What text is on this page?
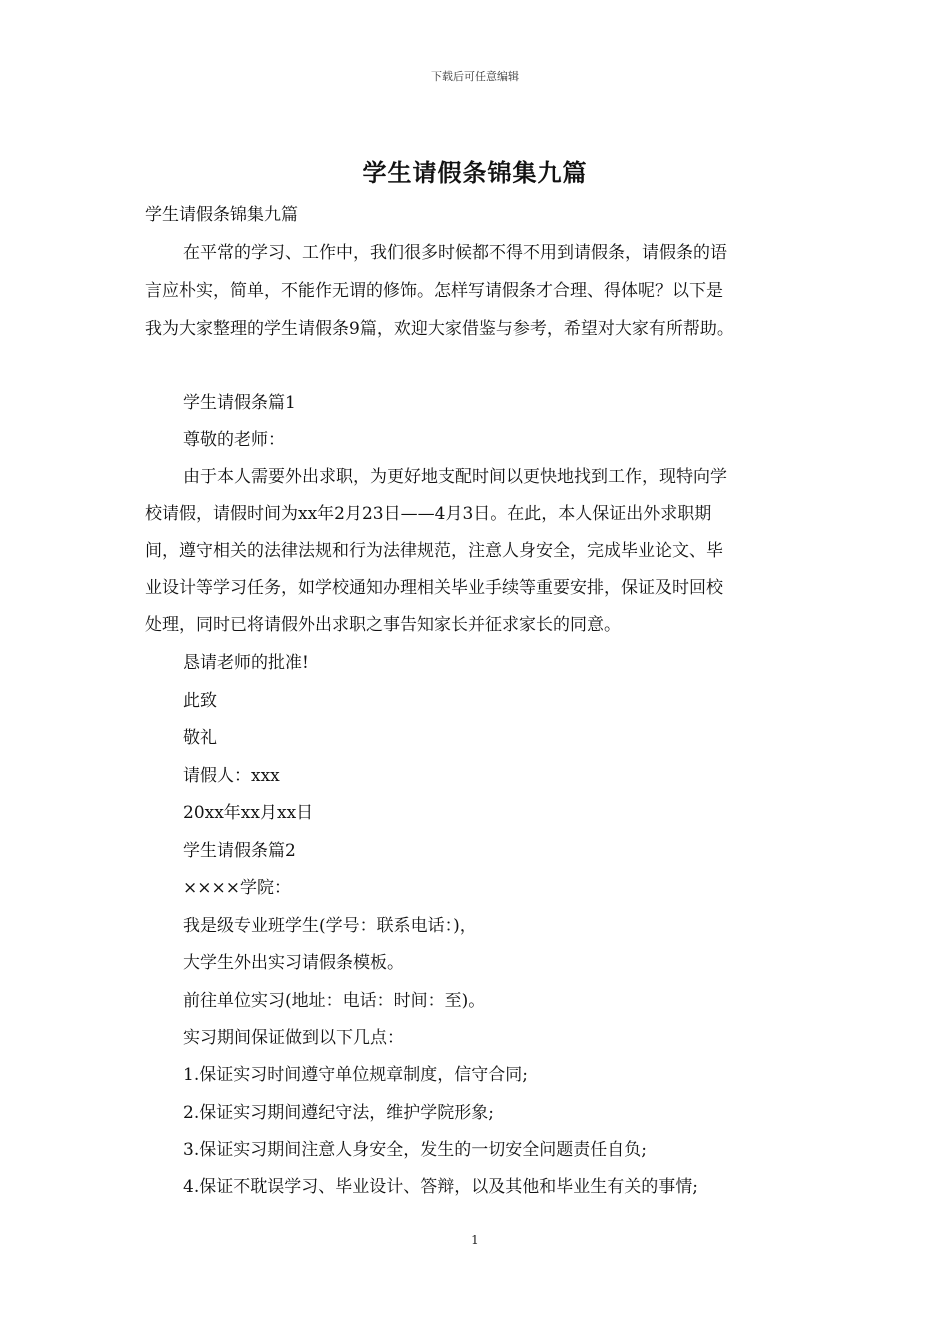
下载后可任意编辑
学生请假条锦集九篇
学生请假条锦集九篇
在平常的学习、工作中，我们很多时候都不得不用到请假条，请假条的语
言应朴实，简单，不能作无谓的修饰。怎样写请假条才合理、得体呢？以下是
我为大家整理的学生请假条9篇，欢迎大家借鉴与参考，希望对大家有所帮助。
学生请假条篇1
尊敬的老师：
由于本人需要外出求职，为更好地支配时间以更快地找到工作，现特向学
校请假，请假时间为xx年2月23日——4月3日。在此，本人保证出外求职期
间，遵守相关的法律法规和行为法律规范，注意人身安全，完成毕业论文、毕
业设计等学习任务，如学校通知办理相关毕业手续等重要安排，保证及时回校
处理，同时已将请假外出求职之事告知家长并征求家长的同意。
恳请老师的批准!
此致
敬礼
请假人：xxx
20xx年xx月xx日
学生请假条篇2
××××学院：
我是级专业班学生(学号：联系电话：)，
大学生外出实习请假条模板。
前往单位实习(地址：电话：时间：至)。
实习期间保证做到以下几点：
1.保证实习时间遵守单位规章制度，信守合同;
2.保证实习期间遵纪守法，维护学院形象;
3.保证实习期间注意人身安全，发生的一切安全问题责任自负;
4.保证不耽误学习、毕业设计、答辩，以及其他和毕业生有关的事情;
1
